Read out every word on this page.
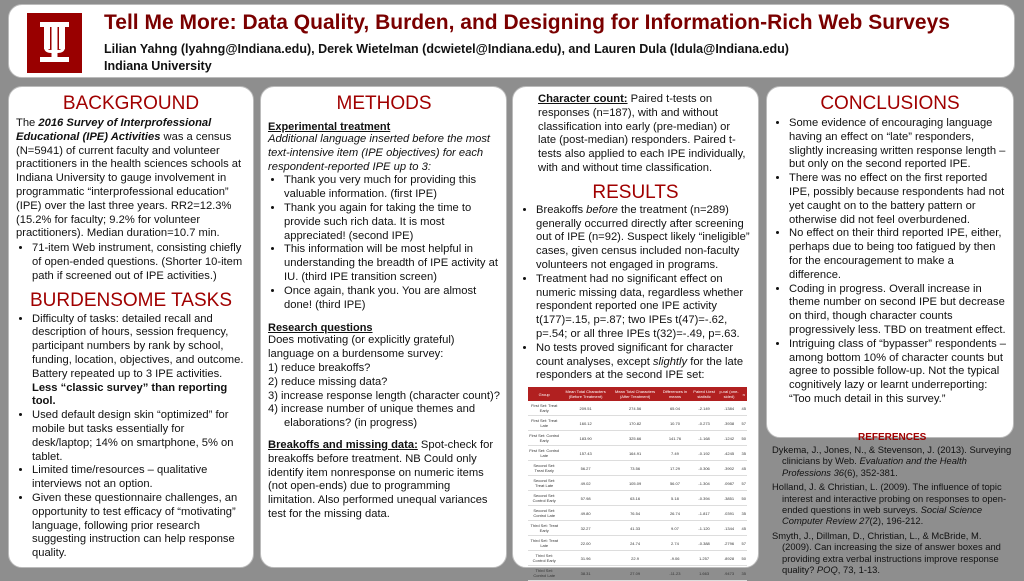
Tell Me More: Data Quality, Burden, and Designing for Information-Rich Web Surveys
Lilian Yahng (lyahng@Indiana.edu), Derek Wietelman (dcwietel@Indiana.edu), and Lauren Dula (ldula@Indiana.edu)
Indiana University
BACKGROUND
The 2016 Survey of Interprofessional Educational (IPE) Activities was a census (N=5941) of current faculty and volunteer practitioners in the health sciences schools at Indiana University to gauge involvement in programmatic “interprofessional education” (IPE) over the last three years. RR2=12.3% (15.2% for faculty; 9.2% for volunteer practitioners). Median duration=10.7 min.
• 71-item Web instrument, consisting chiefly of open-ended questions. (Shorter 10-item path if screened out of IPE activities.)
BURDENSOME TASKS
• Difficulty of tasks: detailed recall and description of hours, session frequency, participant numbers by rank by school, funding, location, objectives, and outcome. Battery repeated up to 3 IPE activities.
Less “classic survey” than reporting tool.
• Used default design skin “optimized” for mobile but tasks essentially for desk/laptop; 14% on smartphone, 5% on tablet.
• Limited time/resources – qualitative interviews not an option.
• Given these questionnaire challenges, an opportunity to test efficacy of “motivating” language, following prior research suggesting instruction can help response quality.
METHODS
Experimental treatment
Additional language inserted before the most text-intensive item (IPE objectives) for each respondent-reported IPE up to 3:
• Thank you very much for providing this valuable information. (first IPE)
• Thank you again for taking the time to provide such rich data. It is most appreciated! (second IPE)
• This information will be most helpful in understanding the breadth of IPE activity at IU. (third IPE transition screen)
• Once again, thank you. You are almost done! (third IPE)
Research questions
Does motivating (or explicitly grateful) language on a burdensome survey:
1) reduce breakoffs?
2) reduce missing data?
3) increase response length (character count)?
4) increase number of unique themes and elaborations? (in progress)
Breakoffs and missing data: Spot-check for breakoffs before treatment. NB Could only identify item nonresponse on numeric items (not open-ends) due to programming limitation. Also performed unequal variances test for the missing data.
Character count: Paired t-tests on responses (n=187), with and without classification into early (pre-median) or late (post-median) responders. Paired t-tests also applied to each IPE individually, with and without time classification.
RESULTS
• Breakoffs before the treatment (n=289) generally occurred directly after screening out of IPE (n=92). Suspect likely “ineligible” cases, given census included non-faculty volunteers not engaged in programs.
• Treatment had no significant effect on numeric missing data, regardless whether respondent reported one IPE activity t(177)=.15, p=.87; two IPEs t(47)=-.62, p=.54; or all three IPEs t(32)=-.49, p=.63.
• No tests proved significant for character count analyses, except slightly for the late responders at the second IPE set:
Group	Mean Total Characters (Before Treatment)	Mean Total Characters (After Treatment)	Differences in means	Paired t-test statistic	p-val (one-sided)	n
First Set: Treat Early	209.51	274.56	65.04	-2.149	.1384	45
First Set: Treat Late	160.12	170.82	10.70	-0.273	.3938	57
First Set: Control Early	183.90	325.66	141.76	-1.168	.1242	50
First Set: Control Late	157.43	164.91	7.49	-0.192	.4245	35
Second Set: Treat Early	56.27	73.56	17.29	-0.306	.3902	45
Second Set: Treat Late	49.02	105.09	56.07	-1.304	.0987	57
Second Set: Control Early	57.98	63.16	5.18	-0.394	.3851	50
Second Set: Control Late	49.80	76.54	26.74	-1.817	.0391	35
Third Set: Treat Early	32.27	41.33	9.07	-1.120	.1344	45
Third Set: Treat Late	22.00	24.74	2.74	-0.388	.2796	57
Third Set: Control Early	31.96	22.9	-9.06	1.257	.8928	50
Third Set: Control Late	38.31	27.09	-11.23	1.663	.9473	35
CONCLUSIONS
• Some evidence of encouraging language having an effect on “late” responders, slightly increasing written response length – but only on the second reported IPE.
• There was no effect on the first reported IPE, possibly because respondents had not yet caught on to the battery pattern or otherwise did not feel overburdened.
• No effect on their third reported IPE, either, perhaps due to being too fatigued by then for the encouragement to make a difference.
• Coding in progress. Overall increase in theme number on second IPE but decrease on third, though character counts progressively less. TBD on treatment effect.
• Intriguing class of “bypasser” respondents – among bottom 10% of character counts but agree to possible follow-up. Not the typical cognitively lazy or learnt underreporting: “Too much detail in this survey.”
REFERENCES

Dykema, J., Jones, N., & Stevenson, J. (2013). Surveying clinicians by Web. Evaluation and the Health Professions 36(6), 352-381.

Holland, J. & Christian, L. (2009). The influence of topic interest and interactive probing on responses to open-ended questions in web surveys. Social Science Computer Review 27(2), 196-212.

Smyth, J., Dillman, D., Christian, L., & McBride, M. (2009). Can increasing the size of answer boxes and providing extra verbal instructions improve response quality? POQ, 73, 1-13.
